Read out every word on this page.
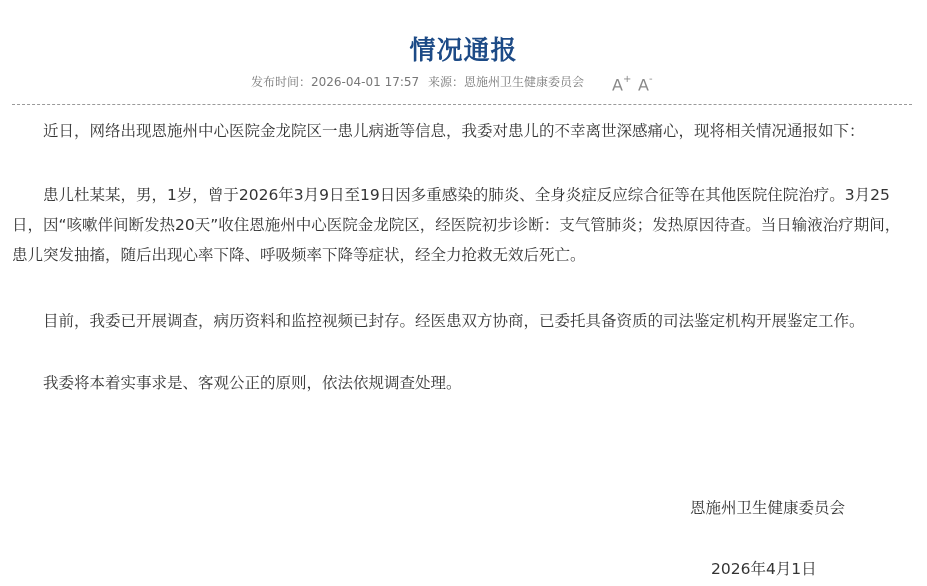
情况通报
发布时间：2026-04-01 17:57 来源：恩施州卫生健康委员会 A+ A-

近日，网络出现恩施州中心医院金龙院区一患儿病逝等信息，我委对患儿的不幸离世深感痛心，现将相关情况通报如下：

患儿杜某某，男，1岁，曾于2026年3月9日至19日因多重感染的肺炎、全身炎症反应综合征等在其他医院住院治疗。3月25日，因“咳嗽伴间断发热20天”收住恩施州中心医院金龙院区，经医院初步诊断：支气管肺炎；发热原因待查。当日输液治疗期间，患儿突发抽搐，随后出现心率下降、呼吸频率下降等症状，经全力抢救无效后死亡。

目前，我委已开展调查，病历资料和监控视频已封存。经医患双方协商，已委托具备资质的司法鉴定机构开展鉴定工作。

我委将本着实事求是、客观公正的原则，依法依规调查处理。

恩施州卫生健康委员会
2026年4月1日
